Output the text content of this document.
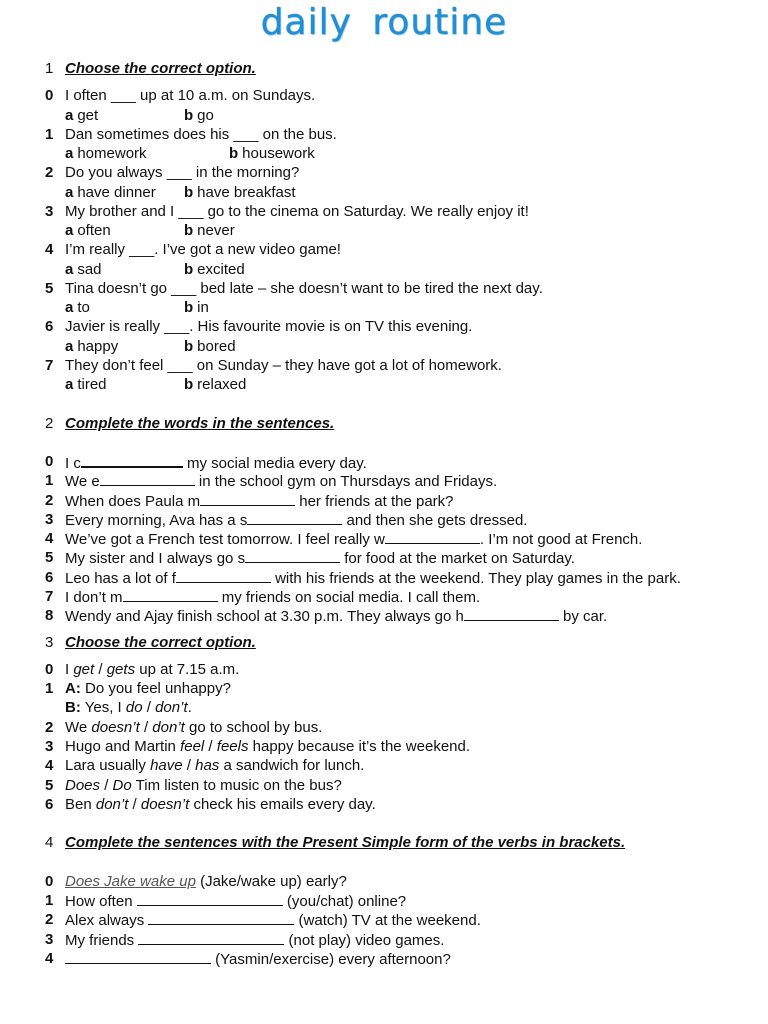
daily routine
1 Choose the correct option.
0 I often ___ up at 10 a.m. on Sundays.
a get	b go
1 Dan sometimes does his ___ on the bus.
a homework	b housework
2 Do you always ___ in the morning?
a have dinner b have breakfast
3 My brother and I ___ go to the cinema on Saturday. We really enjoy it!
a often	b never
4 I’m really ___. I’ve got a new video game!
a sad	b excited
5 Tina doesn’t go ___ bed late – she doesn’t want to be tired the next day.
a to	b in
6 Javier is really ___. His favourite movie is on TV this evening.
a happy	b bored
7 They don’t feel ___ on Sunday – they have got a lot of homework.
a tired	b relaxed
2 Complete the words in the sentences.
0 I c	my social media every day.
1 We e	in the school gym on Thursdays and Fridays.
2 When does Paula m	her friends at the park?
3 Every morning, Ava has a s	and then she gets dressed.
4 We’ve got a French test tomorrow. I feel really w	. I’m not good at French.
5 My sister and I always go s	for food at the market on Saturday.
6 Leo has a lot of f	with his friends at the weekend. They play games in the park.
7 I don’t m	my friends on social media. I call them.
8 Wendy and Ajay finish school at 3.30 p.m. They always go h	by car.
3 Choose the correct option.
0 I get / gets up at 7.15 a.m.
1 A: Do you feel unhappy?
B: Yes, I do / don’t.
2 We doesn’t / don’t go to school by bus.
3 Hugo and Martin feel / feels happy because it’s the weekend.
4 Lara usually have / has a sandwich for lunch.
5 Does / Do Tim listen to music on the bus?
6 Ben don’t / doesn’t check his emails every day.
4 Complete the sentences with the Present Simple form of the verbs in brackets.
0 Does Jake wake up (Jake/wake up) early?
1 How often	(you/chat) online?
2 Alex always	(watch) TV at the weekend.
3 My friends	(not play) video games.
4	(Yasmin/exercise) every afternoon?
